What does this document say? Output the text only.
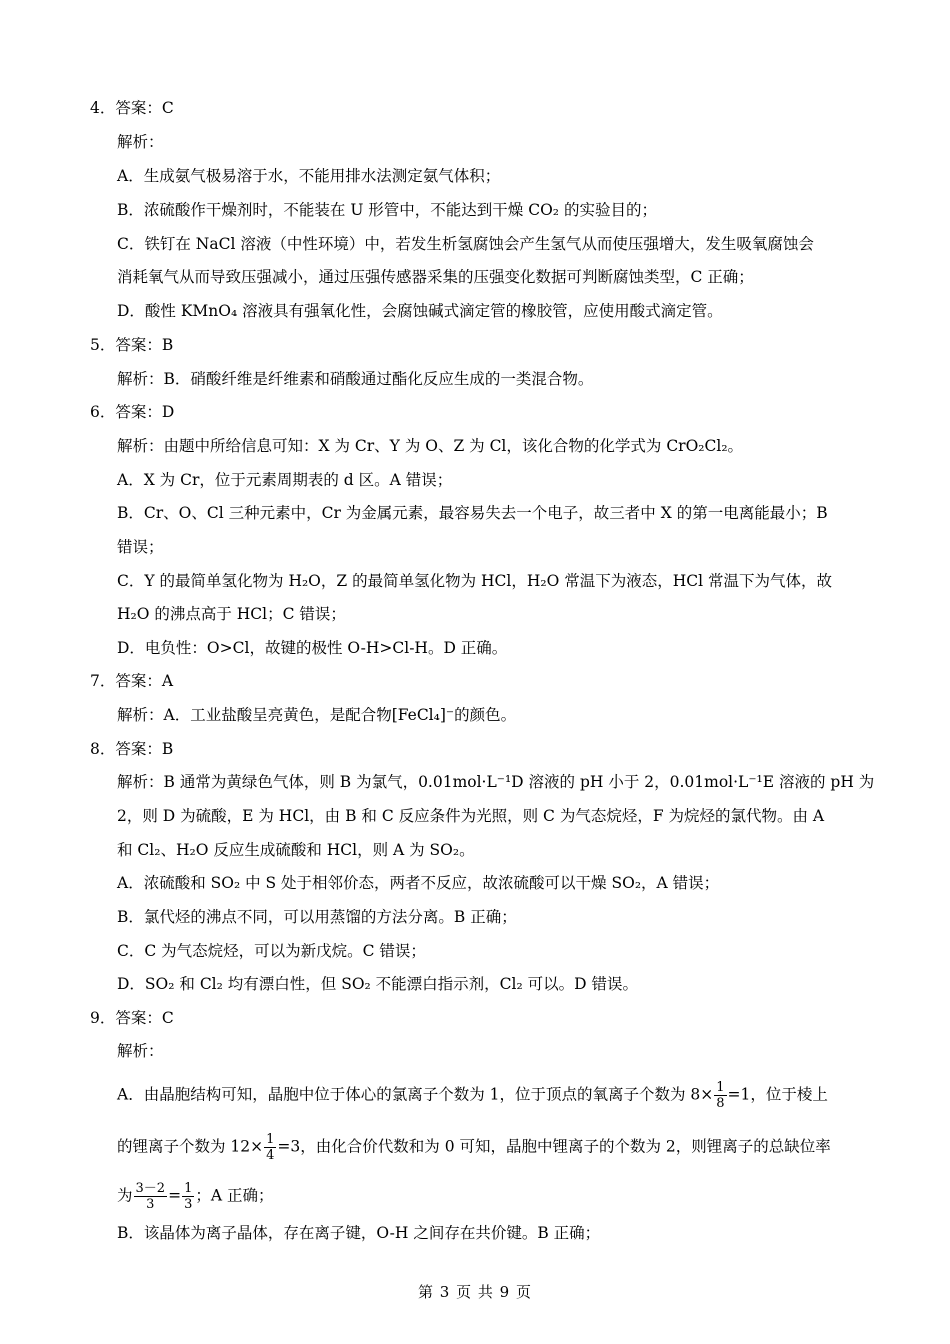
4．答案：C
解析：
A．生成氨气极易溶于水，不能用排水法测定氨气体积；
B．浓硫酸作干燥剂时，不能装在 U 形管中，不能达到干燥 CO₂ 的实验目的；
C．铁钉在 NaCl 溶液（中性环境）中，若发生析氢腐蚀会产生氢气从而使压强增大，发生吸氧腐蚀会
消耗氧气从而导致压强减小，通过压强传感器采集的压强变化数据可判断腐蚀类型，C 正确；
D．酸性 KMnO₄ 溶液具有强氧化性，会腐蚀碱式滴定管的橡胶管，应使用酸式滴定管。
5．答案：B
解析：B．硝酸纤维是纤维素和硝酸通过酯化反应生成的一类混合物。
6．答案：D
解析：由题中所给信息可知：X 为 Cr、Y 为 O、Z 为 Cl，该化合物的化学式为 CrO₂Cl₂。
A．X 为 Cr，位于元素周期表的 d 区。A 错误；
B．Cr、O、Cl 三种元素中，Cr 为金属元素，最容易失去一个电子，故三者中 X 的第一电离能最小；B
错误；
C．Y 的最简单氢化物为 H₂O，Z 的最简单氢化物为 HCl，H₂O 常温下为液态，HCl 常温下为气体，故
H₂O 的沸点高于 HCl；C 错误；
D．电负性：O>Cl，故键的极性 O-H>Cl-H。D 正确。
7．答案：A
解析：A．工业盐酸呈亮黄色，是配合物[FeCl₄]⁻的颜色。
8．答案：B
解析：B 通常为黄绿色气体，则 B 为氯气，0.01mol·L⁻¹D 溶液的 pH 小于 2，0.01mol·L⁻¹E 溶液的 pH 为
2，则 D 为硫酸，E 为 HCl，由 B 和 C 反应条件为光照，则 C 为气态烷烃，F 为烷烃的氯代物。由 A
和 Cl₂、H₂O 反应生成硫酸和 HCl，则 A 为 SO₂。
A．浓硫酸和 SO₂ 中 S 处于相邻价态，两者不反应，故浓硫酸可以干燥 SO₂，A 错误；
B．氯代烃的沸点不同，可以用蒸馏的方法分离。B 正确；
C．C 为气态烷烃，可以为新戊烷。C 错误；
D．SO₂ 和 Cl₂ 均有漂白性，但 SO₂ 不能漂白指示剂，Cl₂ 可以。D 错误。
9．答案：C
解析：
A．由晶胞结构可知，晶胞中位于体心的氯离子个数为 1，位于顶点的氧离子个数为 $8\times \frac{1}{8} =1$，位于棱上
的锂离子个数为 $12\times \frac{1}{4} =3$，由化合价代数和为 0 可知，晶胞中锂离子的个数为 2，则锂离子的总缺位率
为 $\frac{3-2}{3} = \frac{1}{3}$ ；A 正确；
B．该晶体为离子晶体，存在离子键，O-H 之间存在共价键。B 正确；
第 3 页 共 9 页
